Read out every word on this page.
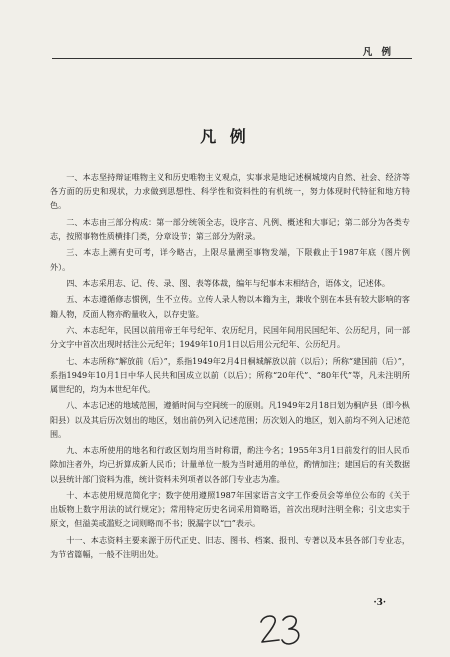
凡 例
凡 例

一、本志坚持辩证唯物主义和历史唯物主义观点，实事求是地记述桐城境内自然、社会、经济等各方面的历史和现状，力求做到思想性、科学性和资料性的有机统一，努力体现时代特征和地方特色。

二、本志由三部分构成：第一部分统领全志，设序言、凡例、概述和大事记；第二部分为各类专志，按照事物性质横排门类，分章设节；第三部分为附录。

三、本志上溯有史可考，详今略古，上限尽量溯至事物发端，下限截止于1987年底（图片例外）。

四、本志采用志、记、传、录、图、表等体裁，编年与纪事本末相结合，语体文，记述体。

五、本志遵循修志惯例，生不立传。立传人录人物以本籍为主，兼收个别在本县有较大影响的客籍人物，反面人物亦酌量收入，以存史鉴。

六、本志纪年，民国以前用帝王年号纪年、农历纪月，民国年间用民国纪年、公历纪月，同一部分文字中首次出现时括注公元纪年；1949年10月1日以后用公元纪年、公历纪月。

七、本志所称“解放前（后）”，系指1949年2月4日桐城解放以前（以后）；所称“建国前（后）”，系指1949年10月1日中华人民共和国成立以前（以后）；所称“20年代”、“80年代”等，凡未注明所属世纪的，均为本世纪年代。

八、本志记述的地域范围，遵循时间与空间统一的原则。凡1949年2月18日划为桐庐县（即今枞阳县）以及其后历次划出的地区，划出前仍列入记述范围；历次划入的地区，划入前均不列入记述范围。

九、本志所使用的地名和行政区划均用当时称谓，酌注今名；1955年3月1日前发行的旧人民币除加注者外，均已折算成新人民币；计量单位一般为当时通用的单位，酌情加注；建国后的有关数据以县统计部门资料为准，统计资料未列项者以各部门专业志为准。

十、本志使用规范简化字；数字使用遵照1987年国家语言文字工作委员会等单位公布的《关于出版物上数字用法的试行规定》；常用特定历史名词采用简略语，首次出现时注明全称；引文忠实于原文，但溢美或滥贬之词则略而不书；脱漏字以“□”表示。

十一、本志资料主要来源于历代正史、旧志、图书、档案、报刊、专著以及本县各部门专业志，为节省篇幅，一般不注明出处。

·3·
